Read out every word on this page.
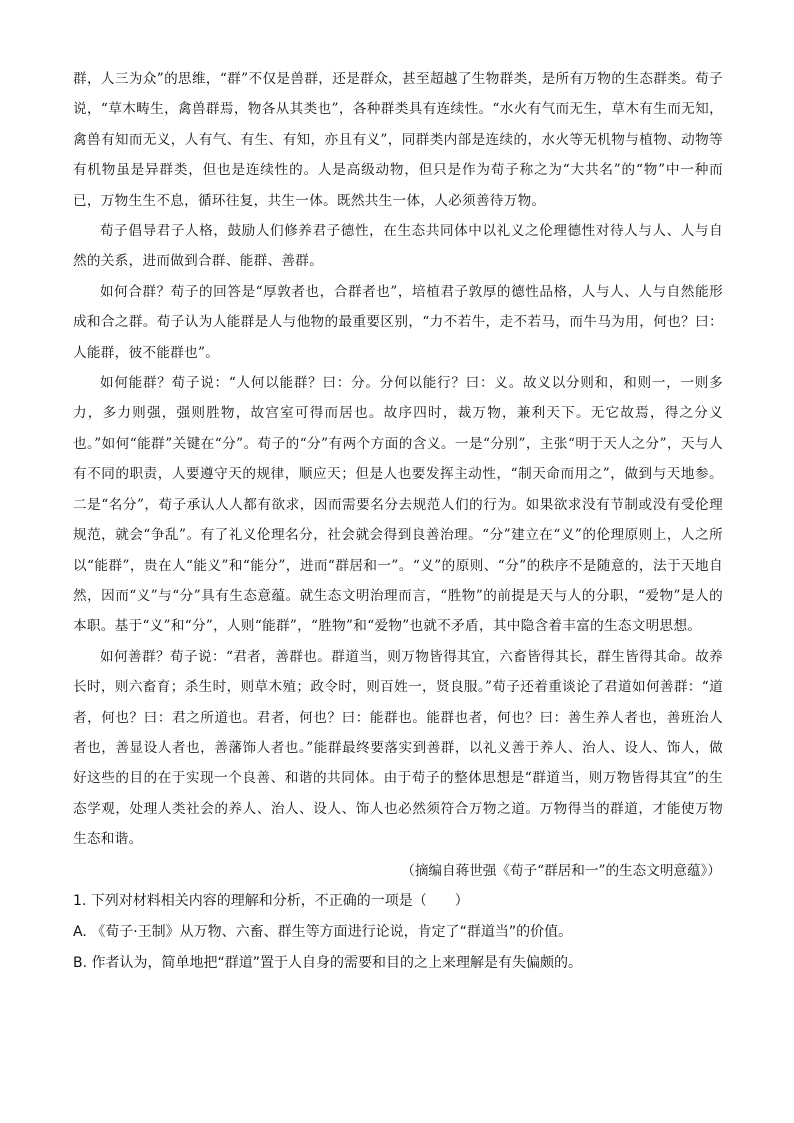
群，人三为众”的思维，“群”不仅是兽群，还是群众，甚至超越了生物群类，是所有万物的生态群类。荀子说，“草木畴生，禽兽群焉，物各从其类也”，各种群类具有连续性。“水火有气而无生，草木有生而无知，禽兽有知而无义，人有气、有生、有知，亦且有义”，同群类内部是连续的，水火等无机物与植物、动物等有机物虽是异群类，但也是连续性的。人是高级动物，但只是作为荀子称之为“大共名”的“物”中一种而已，万物生生不息，循环往复，共生一体。既然共生一体，人必须善待万物。

荀子倡导君子人格，鼓励人们修养君子德性，在生态共同体中以礼义之伦理德性对待人与人、人与自然的关系，进而做到合群、能群、善群。

如何合群？荀子的回答是“厚敦者也，合群者也”，培植君子敦厚的德性品格，人与人、人与自然能形成和合之群。荀子认为人能群是人与他物的最重要区别，“力不若牛，走不若马，而牛马为用，何也？曰：人能群，彼不能群也”。

如何能群？荀子说：“人何以能群？曰：分。分何以能行？曰：义。故义以分则和，和则一，一则多力，多力则强，强则胜物，故宫室可得而居也。故序四时，裁万物，兼利天下。无它故焉，得之分义也。”如何“能群”关键在“分”。荀子的“分”有两个方面的含义。一是“分别”，主张“明于天人之分”，天与人有不同的职责，人要遵守天的规律，顺应天；但是人也要发挥主动性，“制天命而用之”，做到与天地参。二是“名分”，荀子承认人人都有欲求，因而需要名分去规范人们的行为。如果欲求没有节制或没有受伦理规范，就会“争乱”。有了礼义伦理名分，社会就会得到良善治理。“分”建立在“义”的伦理原则上，人之所以“能群”，贵在人“能义”和“能分”，进而“群居和一”。“义”的原则、“分”的秩序不是随意的，法于天地自然，因而“义”与“分”具有生态意蕴。就生态文明治理而言，“胜物”的前提是天与人的分职，“爱物”是人的本职。基于“义”和“分”，人则“能群”，“胜物”和“爱物”也就不矛盾，其中隐含着丰富的生态文明思想。

如何善群？荀子说：“君者，善群也。群道当，则万物皆得其宜，六畜皆得其长，群生皆得其命。故养长时，则六畜育；杀生时，则草木殖；政令时，则百姓一，贤良服。”荀子还着重谈论了君道如何善群：“道者，何也？曰：君之所道也。君者，何也？曰：能群也。能群也者，何也？曰：善生养人者也，善班治人者也，善显设人者也，善藩饰人者也。”能群最终要落实到善群，以礼义善于养人、治人、设人、饰人，做好这些的目的在于实现一个良善、和谐的共同体。由于荀子的整体思想是“群道当，则万物皆得其宜”的生态学观，处理人类社会的养人、治人、设人、饰人也必然须符合万物之道。万物得当的群道，才能使万物生态和谐。

（摘编自蒋世强《荀子“群居和一”的生态文明意蕴》）

1. 下列对材料相关内容的理解和分析，不正确的一项是（　　）

A. 《荀子·王制》从万物、六畜、群生等方面进行论说，肯定了“群道当”的价值。

B. 作者认为，简单地把“群道”置于人自身的需要和目的之上来理解是有失偏颇的。
